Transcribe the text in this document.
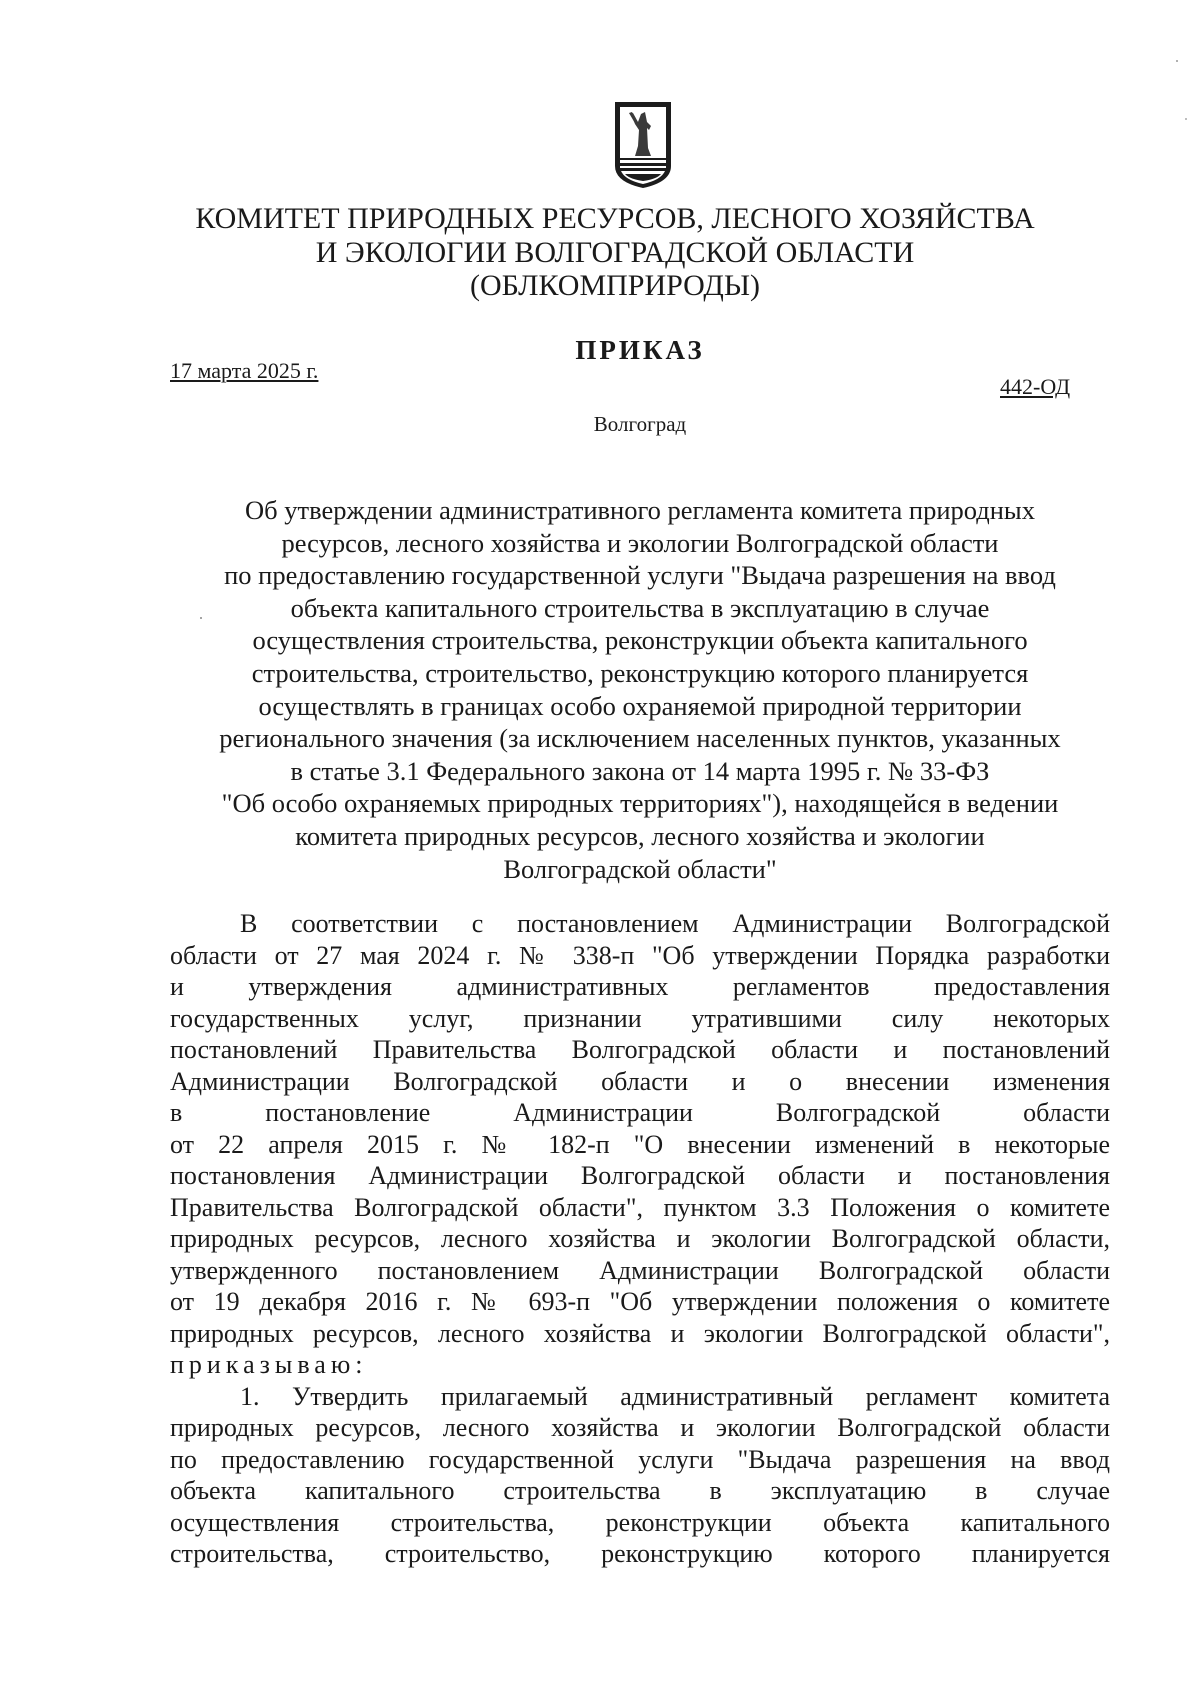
КОМИТЕТ ПРИРОДНЫХ РЕСУРСОВ, ЛЕСНОГО ХОЗЯЙСТВА
И ЭКОЛОГИИ ВОЛГОГРАДСКОЙ ОБЛАСТИ
(ОБЛКОМПРИРОДЫ)
ПРИКАЗ
17 марта 2025 г.
442-ОД
Волгоград
Об утверждении административного регламента комитета природных
ресурсов, лесного хозяйства и экологии Волгоградской области
по предоставлению государственной услуги "Выдача разрешения на ввод
объекта капитального строительства в эксплуатацию в случае
осуществления строительства, реконструкции объекта капитального
строительства, строительство, реконструкцию которого планируется
осуществлять в границах особо охраняемой природной территории
регионального значения (за исключением населенных пунктов, указанных
в статье 3.1 Федерального закона от 14 марта 1995 г. № 33-ФЗ
"Об особо охраняемых природных территориях"), находящейся в ведении
комитета природных ресурсов, лесного хозяйства и экологии
Волгоградской области"
В соответствии с постановлением Администрации Волгоградской
области от 27 мая 2024 г. № 338-п "Об утверждении Порядка разработки
и утверждения административных регламентов предоставления
государственных услуг, признании утратившими силу некоторых
постановлений Правительства Волгоградской области и постановлений
Администрации Волгоградской области и о внесении изменения
в постановление Администрации Волгоградской области
от 22 апреля 2015 г. № 182-п "О внесении изменений в некоторые
постановления Администрации Волгоградской области и постановления
Правительства Волгоградской области", пунктом 3.3 Положения о комитете
природных ресурсов, лесного хозяйства и экологии Волгоградской области,
утвержденного постановлением Администрации Волгоградской области
от 19 декабря 2016 г. № 693-п "Об утверждении положения о комитете
природных ресурсов, лесного хозяйства и экологии Волгоградской области",
приказываю:
1. Утвердить прилагаемый административный регламент комитета
природных ресурсов, лесного хозяйства и экологии Волгоградской области
по предоставлению государственной услуги "Выдача разрешения на ввод
объекта капитального строительства в эксплуатацию в случае
осуществления строительства, реконструкции объекта капитального
строительства, строительство, реконструкцию которого планируется
